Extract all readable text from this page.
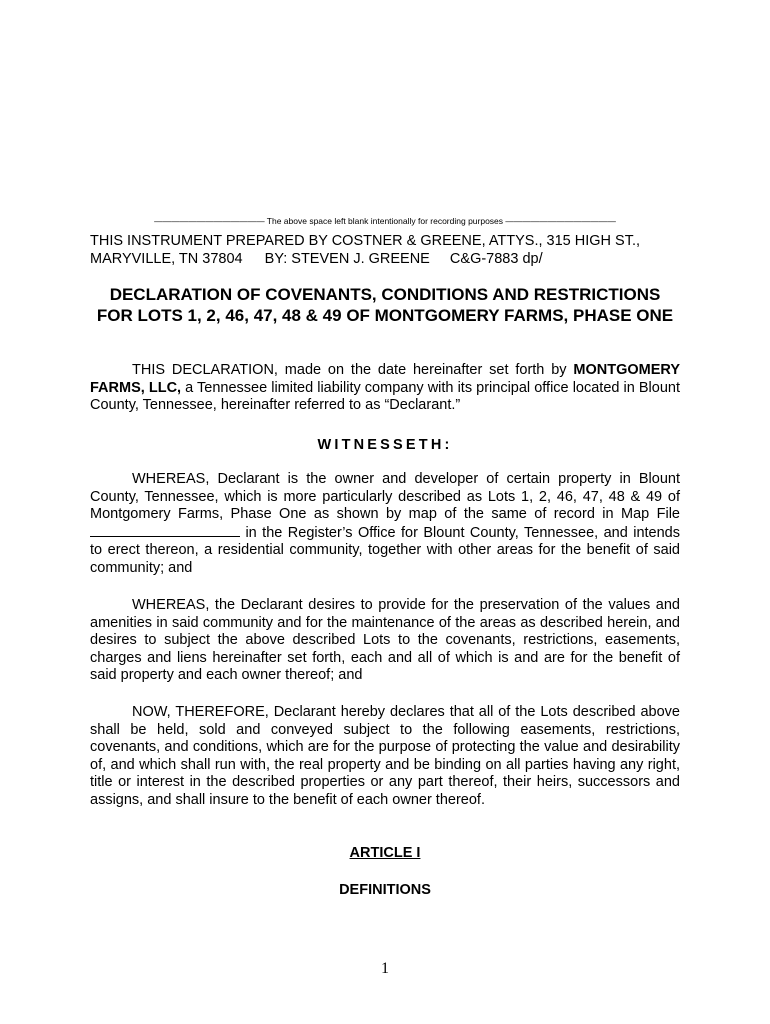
————————————— The above space left blank intentionally for recording purposes —————————————
THIS INSTRUMENT PREPARED BY COSTNER & GREENE, ATTYS., 315 HIGH ST.,
MARYVILLE, TN 37804 BY: STEVEN J. GREENE C&G-7883 dp/
DECLARATION OF COVENANTS, CONDITIONS AND RESTRICTIONS FOR LOTS 1, 2, 46, 47, 48 & 49 OF MONTGOMERY FARMS, PHASE ONE
THIS DECLARATION, made on the date hereinafter set forth by MONTGOMERY FARMS, LLC, a Tennessee limited liability company with its principal office located in Blount County, Tennessee, hereinafter referred to as “Declarant.”
WITNESSETH:
WHEREAS, Declarant is the owner and developer of certain property in Blount County, Tennessee, which is more particularly described as Lots 1, 2, 46, 47, 48 & 49 of Montgomery Farms, Phase One as shown by map of the same of record in Map File  in the Register’s Office for Blount County, Tennessee, and intends to erect thereon, a residential community, together with other areas for the benefit of said community; and
WHEREAS, the Declarant desires to provide for the preservation of the values and amenities in said community and for the maintenance of the areas as described herein, and desires to subject the above described Lots to the covenants, restrictions, easements, charges and liens hereinafter set forth, each and all of which is and are for the benefit of said property and each owner thereof; and
NOW, THEREFORE, Declarant hereby declares that all of the Lots described above shall be held, sold and conveyed subject to the following easements, restrictions, covenants, and conditions, which are for the purpose of protecting the value and desirability of, and which shall run with, the real property and be binding on all parties having any right, title or interest in the described properties or any part thereof, their heirs, successors and assigns, and shall insure to the benefit of each owner thereof.
ARTICLE I
DEFINITIONS
1
